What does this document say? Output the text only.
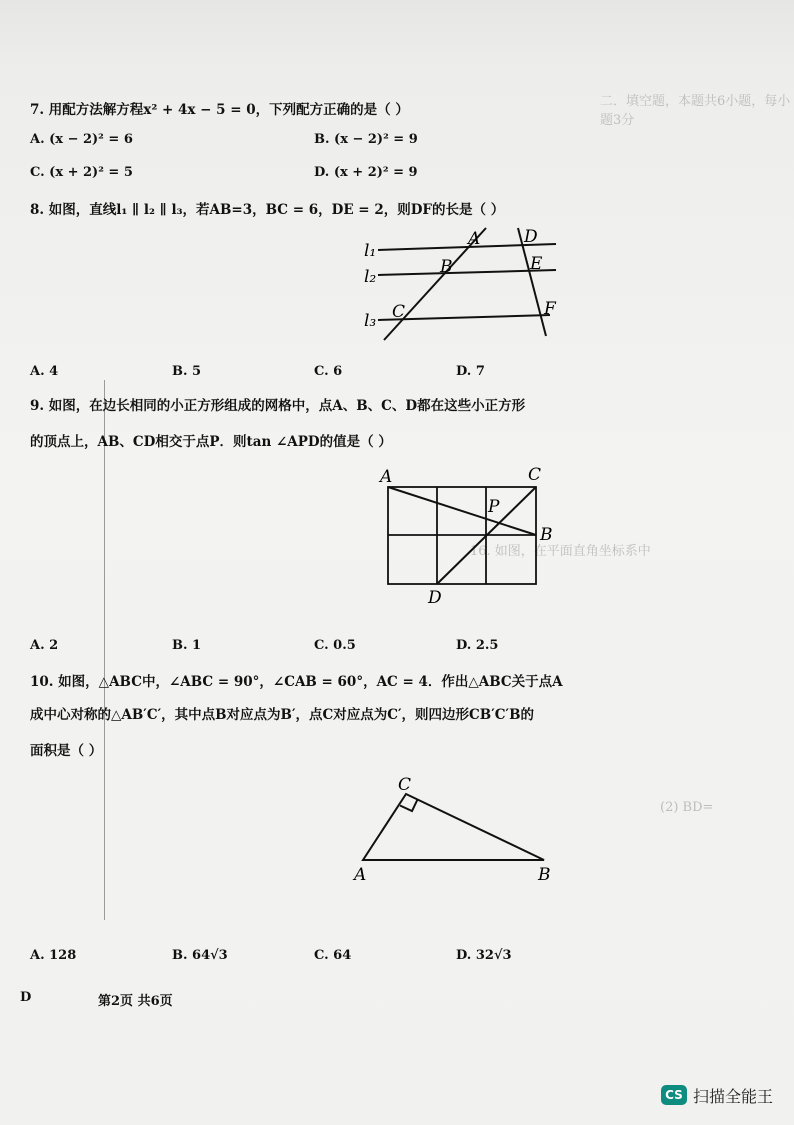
二．填空题，本题共6小题，每小题3分
16. 如图，在平面直角坐标系中
(2) BD=
7. 用配方法解方程x² + 4x − 5 = 0，下列配方正确的是（ ）
A. (x − 2)² = 6	B. (x − 2)² = 9
C. (x + 2)² = 5	D. (x + 2)² = 9
8. 如图，直线l₁ ∥ l₂ ∥ l₃，若AB=3，BC = 6，DE = 2，则DF的长是（ ）
l₁
l₂
l₃
A
B
C
D
E
F
A. 4	B. 5	C. 6	D. 7
9. 如图，在边长相同的小正方形组成的网格中，点A、B、C、D都在这些小正方形
的顶点上，AB、CD相交于点P．则tan ∠APD的值是（ ）
A	C
P
B
D
A. 2	B. 1	C. 0.5	D. 2.5
10. 如图，△ABC中，∠ABC = 90°，∠CAB = 60°，AC = 4．作出△ABC关于点A
成中心对称的△AB′C′，其中点B对应点为B′，点C对应点为C′，则四边形CB′C′B的
面积是（ ）
C
A	B
A. 128	B. 64√3	C. 64	D. 32√3
D	第2页 共6页
CS 扫描全能王
